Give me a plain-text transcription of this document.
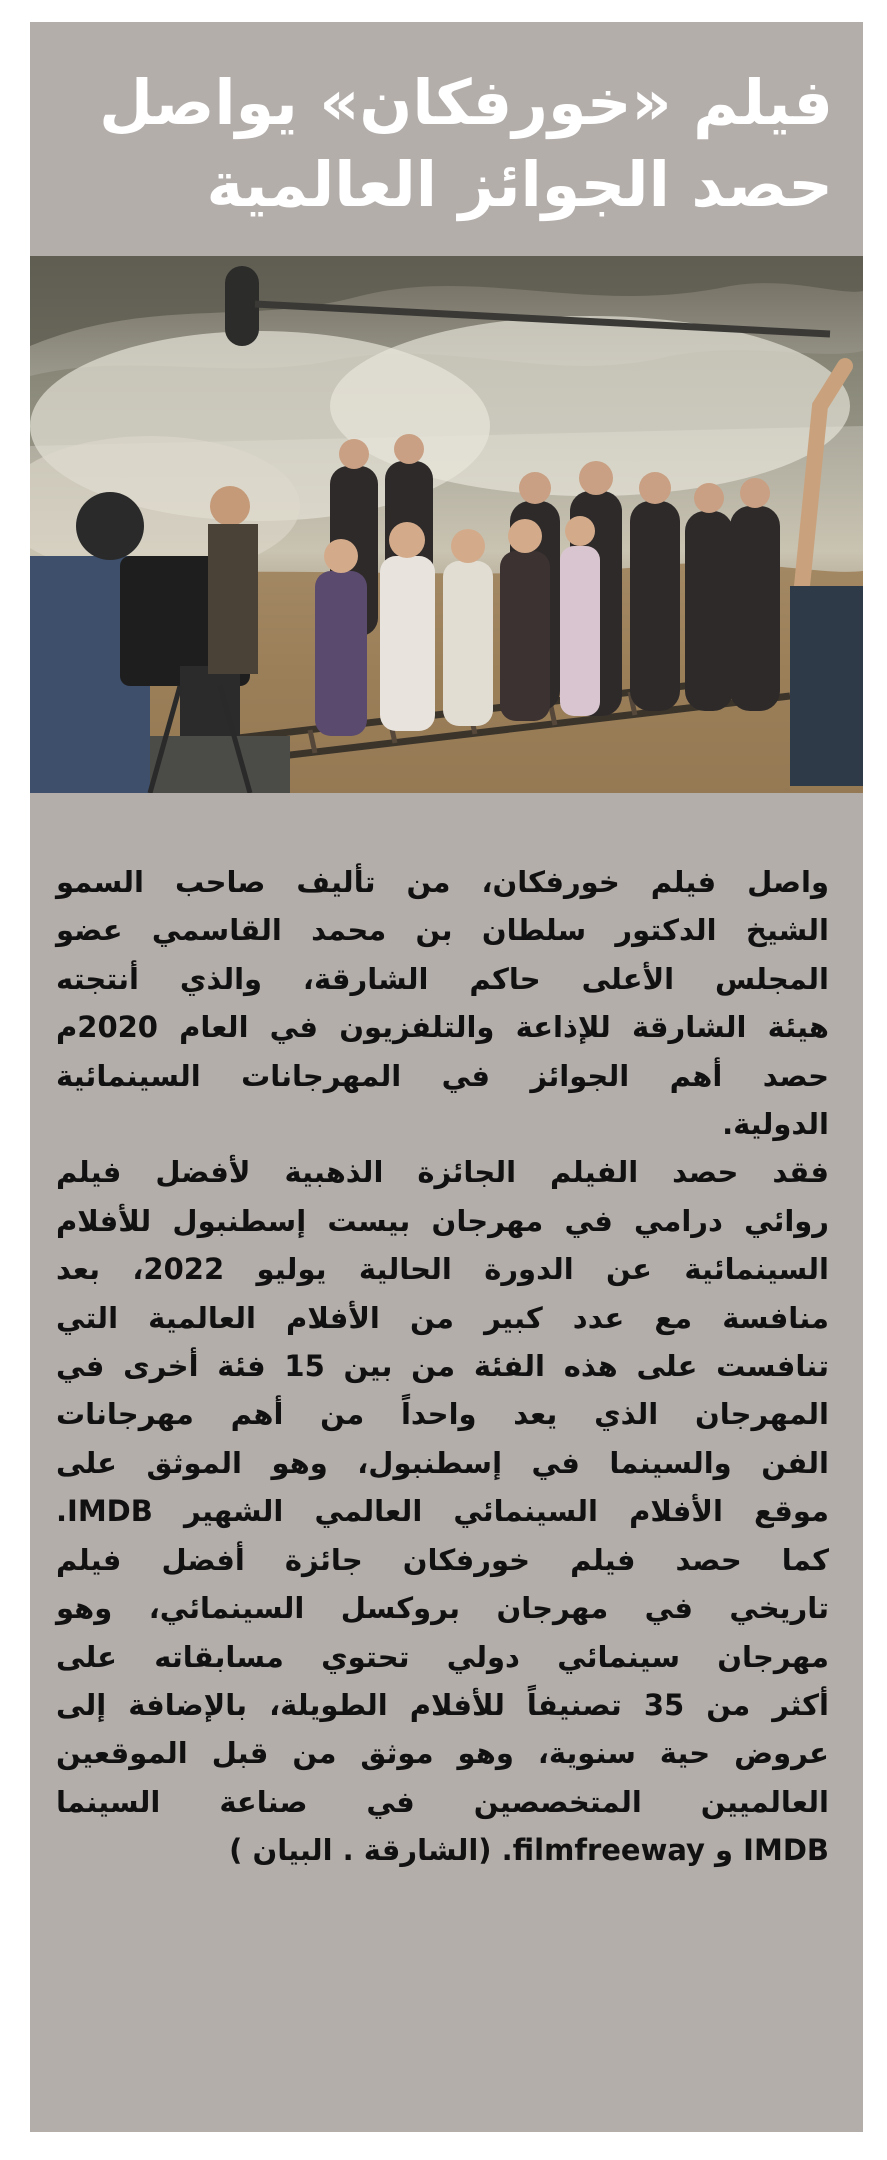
فيلم «خورفكان» يواصل
حصد الجوائز العالمية
واصل فيلم خورفكان، من تأليف صاحب السمو
الشيخ الدكتور سلطان بن محمد القاسمي عضو
المجلس الأعلى حاكم الشارقة، والذي أنتجته
هيئة الشارقة للإذاعة والتلفزيون في العام 2020م
حصد أهم الجوائز في المهرجانات السينمائية
الدولية.
فقد حصد الفيلم الجائزة الذهبية لأفضل فيلم
روائي درامي في مهرجان بيست إسطنبول للأفلام
السينمائية عن الدورة الحالية يوليو 2022، بعد
منافسة مع عدد كبير من الأفلام العالمية التي
تنافست على هذه الفئة من بين 15 فئة أخرى في
المهرجان الذي يعد واحداً من أهم مهرجانات
الفن والسينما في إسطنبول، وهو الموثق على
موقع الأفلام السينمائي العالمي الشهير IMDB.
كما حصد فيلم خورفكان جائزة أفضل فيلم
تاريخي في مهرجان بروكسل السينمائي، وهو
مهرجان سينمائي دولي تحتوي مسابقاته على
أكثر من 35 تصنيفاً للأفلام الطويلة، بالإضافة إلى
عروض حية سنوية، وهو موثق من قبل الموقعين
العالميين المتخصصين في صناعة السينما
IMDB و filmfreeway. (الشارقة . البيان )
